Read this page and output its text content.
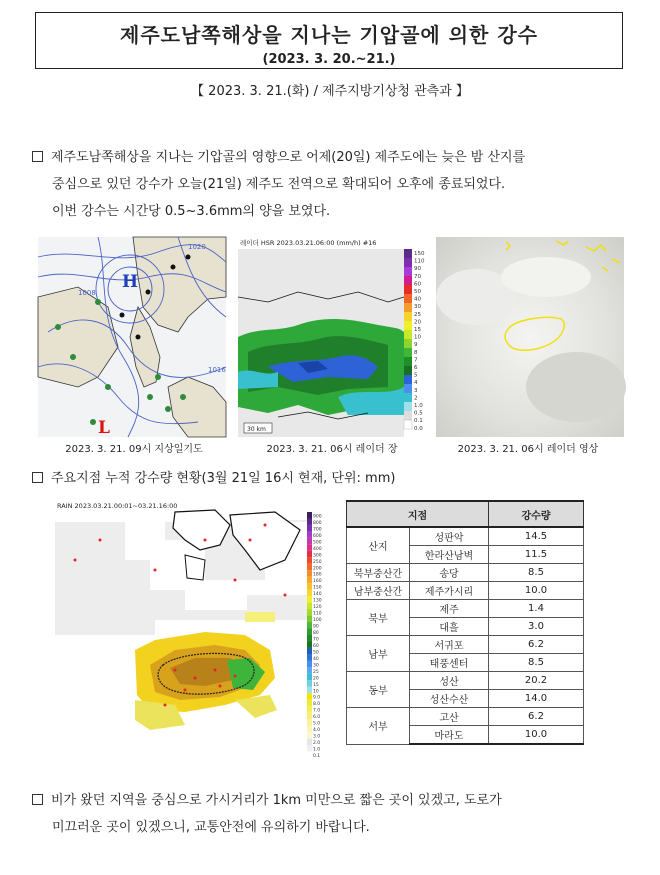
제주도남쪽해상을 지나는 기압골에 의한 강수
(2023. 3. 20.~21.)
【 2023. 3. 21.(화) / 제주지방기상청 관측과 】
제주도남쪽해상을 지나는 기압골의 영향으로 어제(20일) 제주도에는 늦은 밤 산지를
중심으로 있던 강수가 오늘(21일) 제주도 전역으로 확대되어 오후에 종료되었다.
이번 강수는 시간당 0.5~3.6mm의 양을 보였다.
H
L
1008
1016
1020
2023. 3. 21. 09시 지상일기도
150
110
90
70
60
50
40
30
25
20
15
10
9
8
7
6
5
4
3
2
1.0
0.5
0.1
0.0
레이더 HSR 2023.03.21.06:00 (mm/h) #16
30 km
2023. 3. 21. 06시 레이더 장	2023. 3. 21. 06시 레이더 영상
주요지점 누적 강수량 현황(3월 21일 16시 현재, 단위: mm)
900
800
700
600
500
400
300
250
200
180
160
150
140
130
120
110
100
90
80
70
60
50
40
30
25
20
15
10
9.0
8.0
7.0
6.0
5.0
4.0
3.0
2.0
1.0
0.1
RAIN 2023.03.21.00:01~03.21.16:00
지점		강수량
산지	성판악	14.5
	한라산남벽	11.5
북부중산간	송당	8.5
남부중산간	제주가시리	10.0
북부	제주	1.4
	대흘	3.0
남부	서귀포	6.2
	태풍센터	8.5
동부	성산	20.2
	성산수산	14.0
서부	고산	6.2
	마라도	10.0
비가 왔던 지역을 중심으로 가시거리가 1km 미만으로 짧은 곳이 있겠고, 도로가
미끄러운 곳이 있겠으니, 교통안전에 유의하기 바랍니다.
